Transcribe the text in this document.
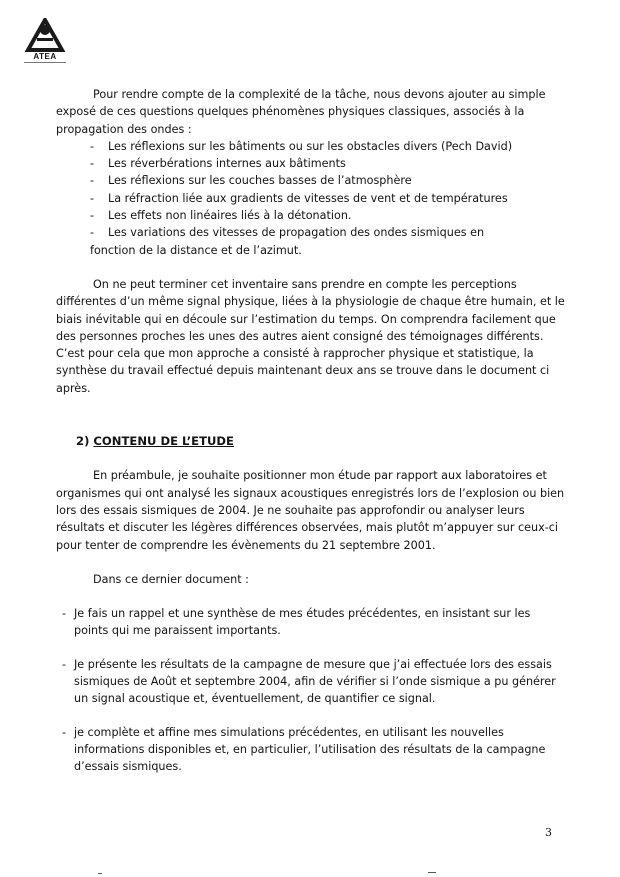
ATEA

Pour rendre compte de la complexité de la tâche, nous devons ajouter au simple exposé de ces questions quelques phénomènes physiques classiques, associés à la propagation des ondes :

- Les réflexions sur les bâtiments ou sur les obstacles divers (Pech David)
- Les réverbérations internes aux bâtiments
- Les réflexions sur les couches basses de l’atmosphère
- La réfraction liée aux gradients de vitesses de vent et de températures
- Les effets non linéaires liés à la détonation.
- Les variations des vitesses de propagation des ondes sismiques en
fonction de la distance et de l’azimut.

On ne peut terminer cet inventaire sans prendre en compte les perceptions différentes d’un même signal physique, liées à la physiologie de chaque être humain, et le biais inévitable qui en découle sur l’estimation du temps. On comprendra facilement que des personnes proches les unes des autres aient consigné des témoignages différents. C’est pour cela que mon approche a consisté à rapprocher physique et statistique, la synthèse du travail effectué depuis maintenant deux ans se trouve dans le document ci après.

2) CONTENU DE L’ETUDE

En préambule, je souhaite positionner mon étude par rapport aux laboratoires et organismes qui ont analysé les signaux acoustiques enregistrés lors de l’explosion ou bien lors des essais sismiques de 2004. Je ne souhaite pas approfondir ou analyser leurs résultats et discuter les légères différences observées, mais plutôt m’appuyer sur ceux-ci pour tenter de comprendre les évènements du 21 septembre 2001.

Dans ce dernier document :

- Je fais un rappel et une synthèse de mes études précédentes, en insistant sur les points qui me paraissent importants.
- Je présente les résultats de la campagne de mesure que j’ai effectuée lors des essais sismiques de Août et septembre 2004, afin de vérifier si l’onde sismique a pu générer un signal acoustique et, éventuellement, de quantifier ce signal.
- je complète et affine mes simulations précédentes, en utilisant les nouvelles informations disponibles et, en particulier, l’utilisation des résultats de la campagne d’essais sismiques.
3
